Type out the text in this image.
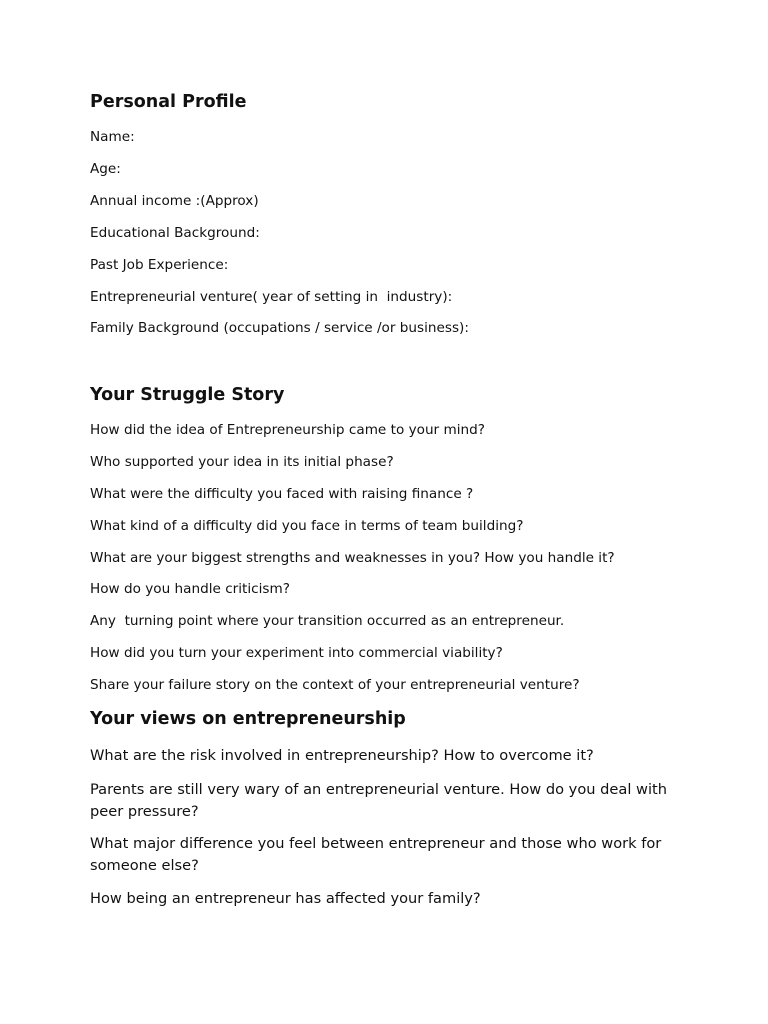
Personal Profile
Name:
Age:
Annual income :(Approx)
Educational Background:
Past Job Experience:
Entrepreneurial venture( year of setting in  industry):
Family Background (occupations / service /or business):
Your Struggle Story
How did the idea of Entrepreneurship came to your mind?
Who supported your idea in its initial phase?
What were the difficulty you faced with raising finance ?
What kind of a difficulty did you face in terms of team building?
What are your biggest strengths and weaknesses in you? How you handle it?
How do you handle criticism?
Any  turning point where your transition occurred as an entrepreneur.
How did you turn your experiment into commercial viability?
Share your failure story on the context of your entrepreneurial venture?
Your views on entrepreneurship
What are the risk involved in entrepreneurship? How to overcome it?
Parents are still very wary of an entrepreneurial venture. How do you deal with peer pressure?
What major difference you feel between entrepreneur and those who work for someone else?
How being an entrepreneur has affected your family?
